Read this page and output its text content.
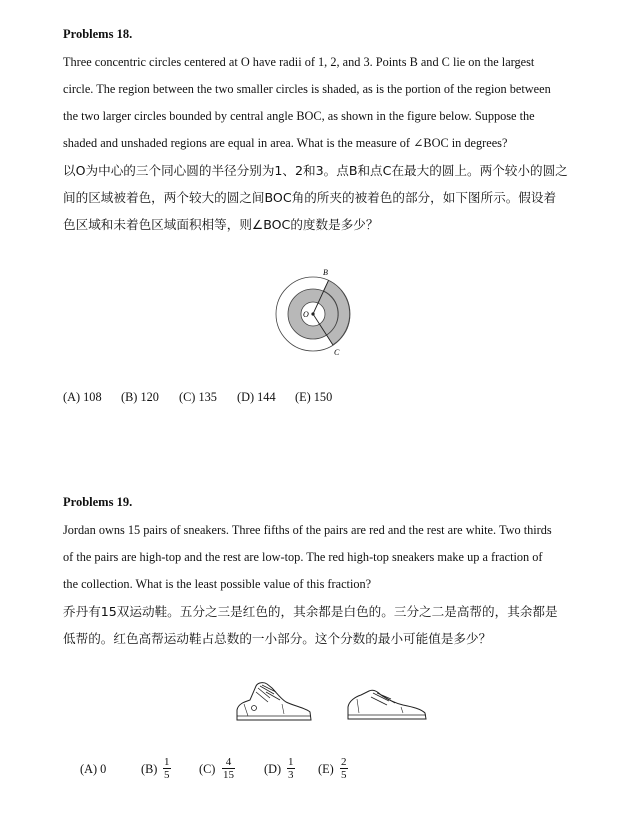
Problems 18.
Three concentric circles centered at O have radii of 1, 2, and 3. Points B and C lie on the largest
circle. The region between the two smaller circles is shaded, as is the portion of the region between
the two larger circles bounded by central angle BOC, as shown in the figure below. Suppose the
shaded and unshaded regions are equal in area. What is the measure of ∠BOC in degrees?
以O为中心的三个同心圆的半径分别为1、2和3。点B和点C在最大的圆上。两个较小的圆之
间的区域被着色，两个较大的圆之间BOC角的所夹的被着色的部分，如下图所示。假设着
色区域和未着色区域面积相等，则∠BOC的度数是多少？
O
B
C
(A) 108 (B) 120 (C) 135 (D) 144 (E) 150
Problems 19.
Jordan owns 15 pairs of sneakers. Three fifths of the pairs are red and the rest are white. Two thirds
of the pairs are high-top and the rest are low-top. The red high-top sneakers make up a fraction of
the collection. What is the least possible value of this fraction?
乔丹有15双运动鞋。五分之三是红色的，其余都是白色的。三分之二是高帮的，其余都是
低帮的。红色高帮运动鞋占总数的一小部分。这个分数的最小可能值是多少？
(A) 0	(B) 1
5 (C) 4
15 (D) 1
3 (E) 2
5
